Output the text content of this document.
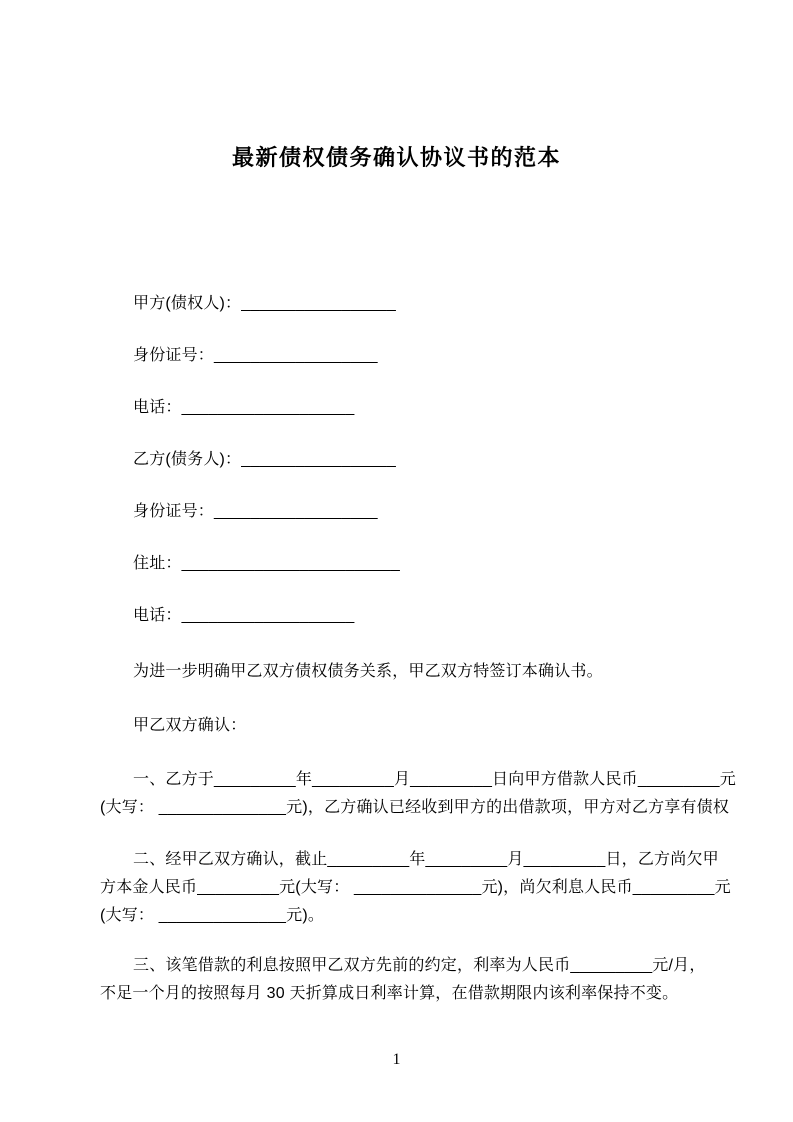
最新债权债务确认协议书的范本
甲方(债权人)：_________________
身份证号：__________________
电话：___________________
乙方(债务人)：_________________
身份证号：__________________
住址：________________________
电话：___________________
为进一步明确甲乙双方债权债务关系，甲乙双方特签订本确认书。
甲乙双方确认：
一、乙方于_________年_________月_________日向甲方借款人民币_________元
(大写： ______________元)，乙方确认已经收到甲方的出借款项，甲方对乙方享有债权
二、经甲乙双方确认，截止_________年_________月_________日，乙方尚欠甲
方本金人民币_________元(大写： ______________元)，尚欠利息人民币_________元
(大写： ______________元)。
三、该笔借款的利息按照甲乙双方先前的约定，利率为人民币_________元/月，
不足一个月的按照每月 30 天折算成日利率计算，在借款期限内该利率保持不变。
1
